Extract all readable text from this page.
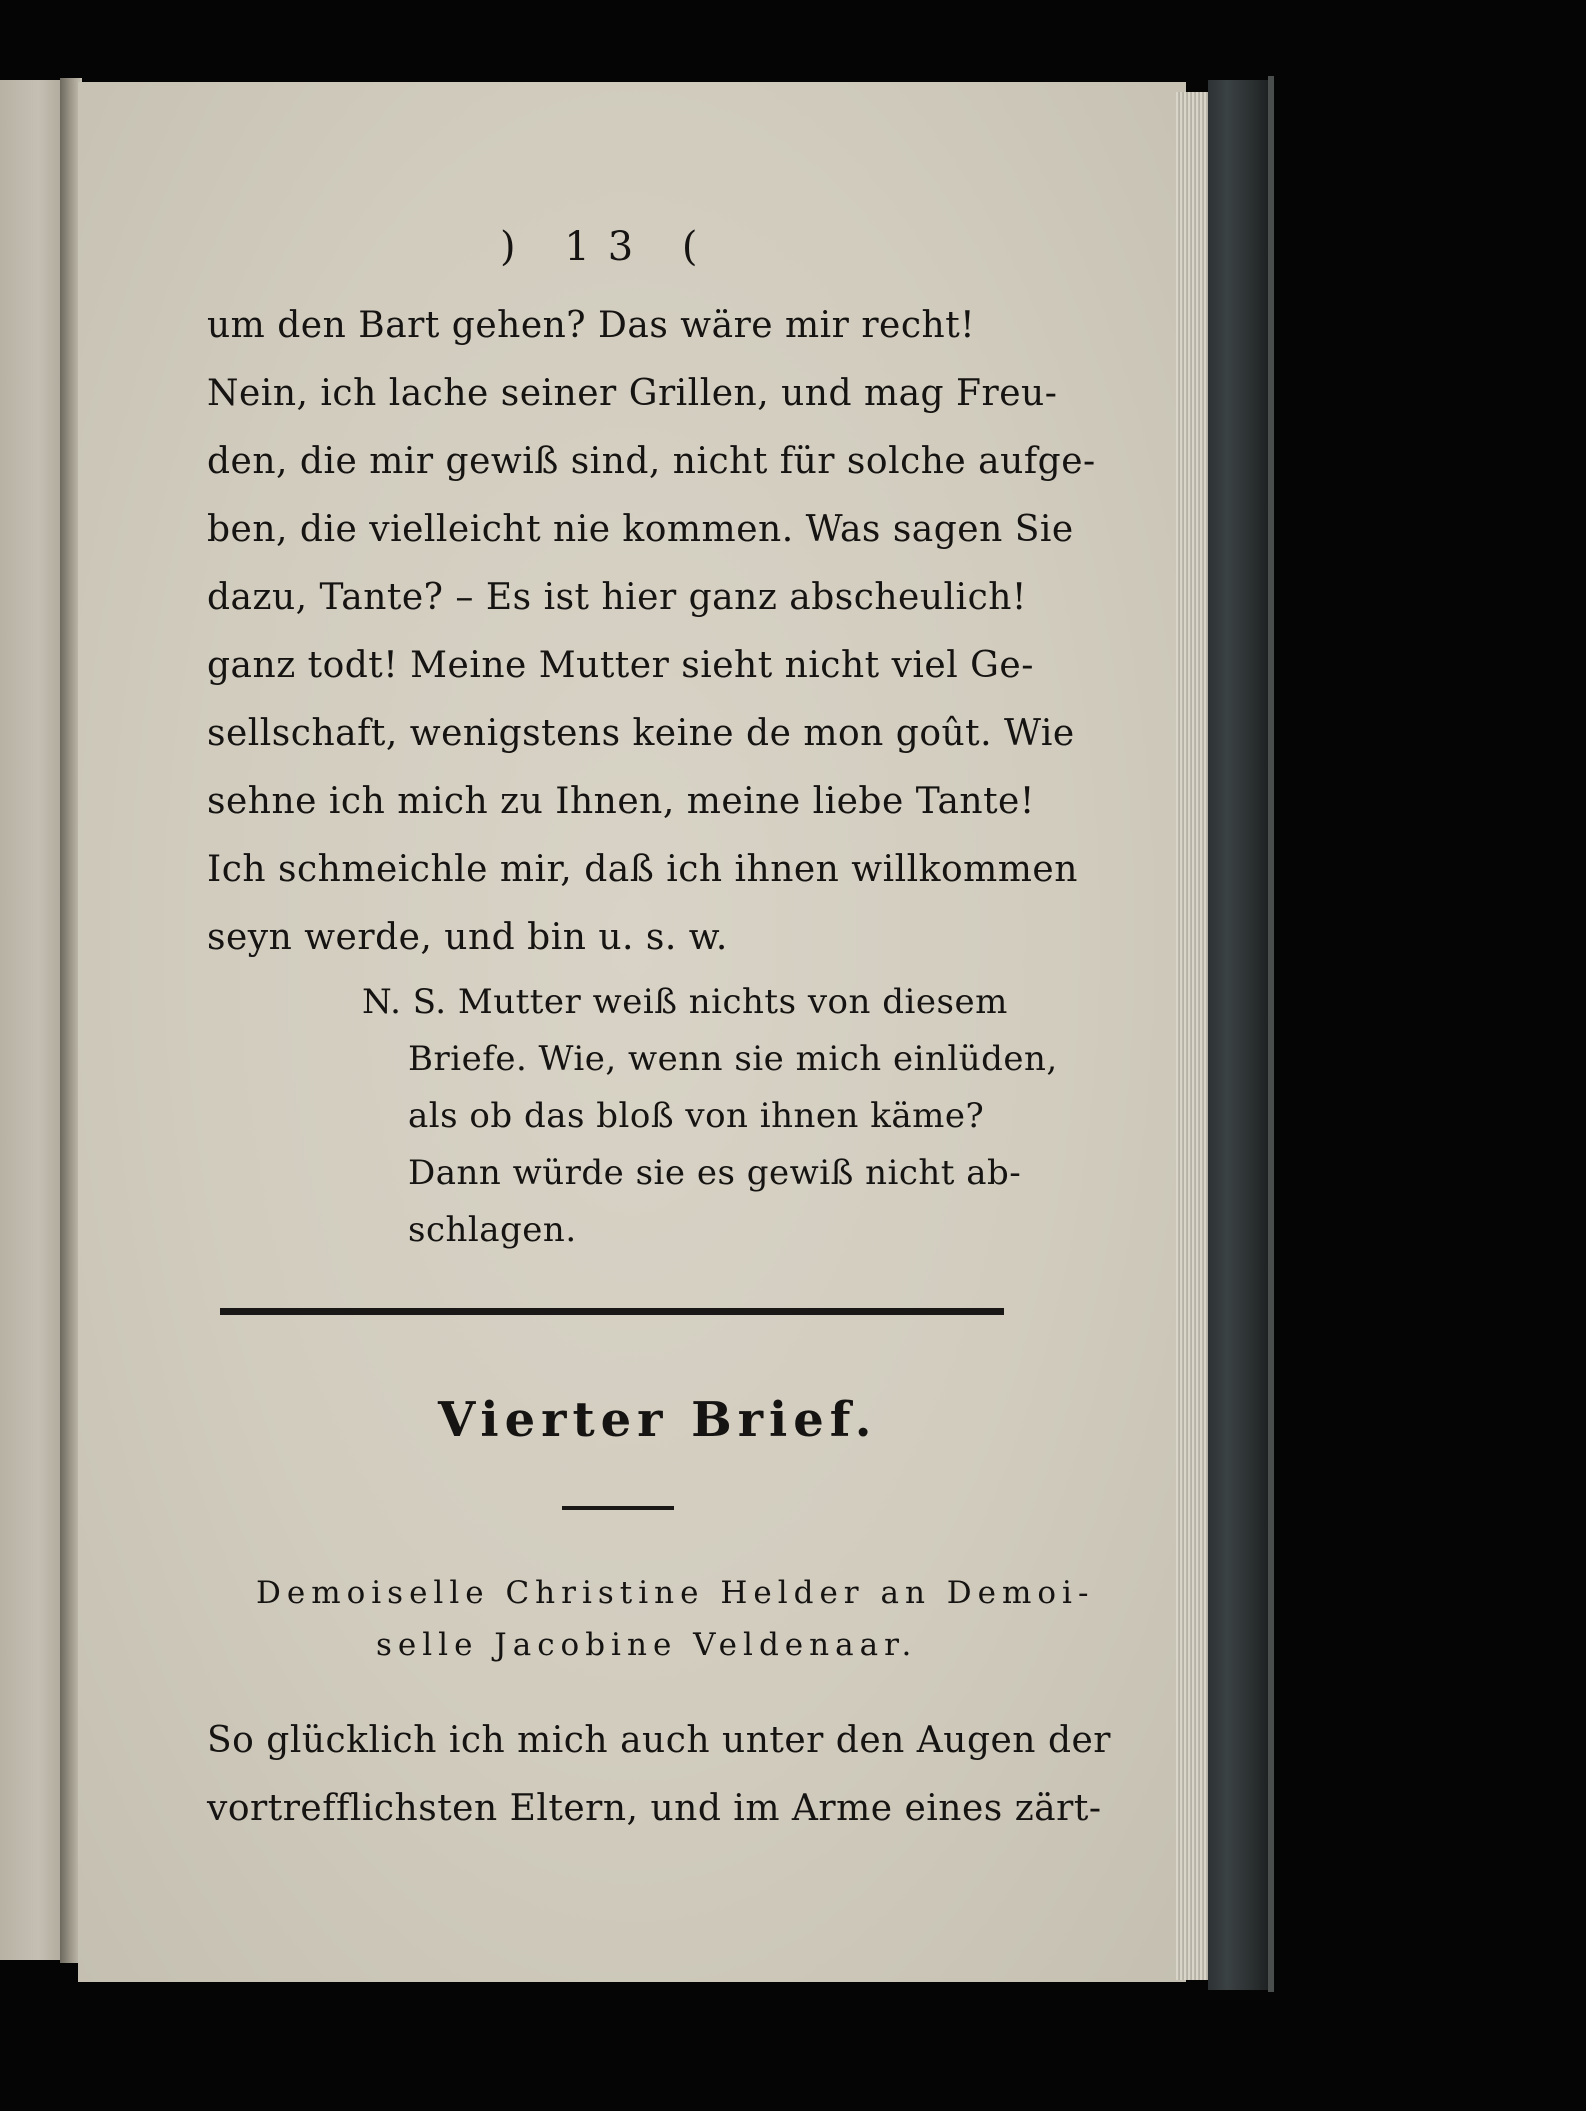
) 13 (
um den Bart gehen? Das wäre mir recht!
Nein, ich lache seiner Grillen, und mag Freu-
den, die mir gewiß sind, nicht für solche aufge-
ben, die vielleicht nie kommen. Was sagen Sie
dazu, Tante? – Es ist hier ganz abscheulich!
ganz todt! Meine Mutter sieht nicht viel Ge-
sellschaft, wenigstens keine de mon goût. Wie
sehne ich mich zu Ihnen, meine liebe Tante!
Ich schmeichle mir, daß ich ihnen willkommen
seyn werde, und bin u. s. w.
N. S. Mutter weiß nichts von diesem
Briefe. Wie, wenn sie mich einlüden,
als ob das bloß von ihnen käme?
Dann würde sie es gewiß nicht ab-
schlagen.
Vierter Brief.
Demoiselle Christine Helder an Demoi-
selle Jacobine Veldenaar.
So glücklich ich mich auch unter den Augen der
vortrefflichsten Eltern, und im Arme eines zärt-
